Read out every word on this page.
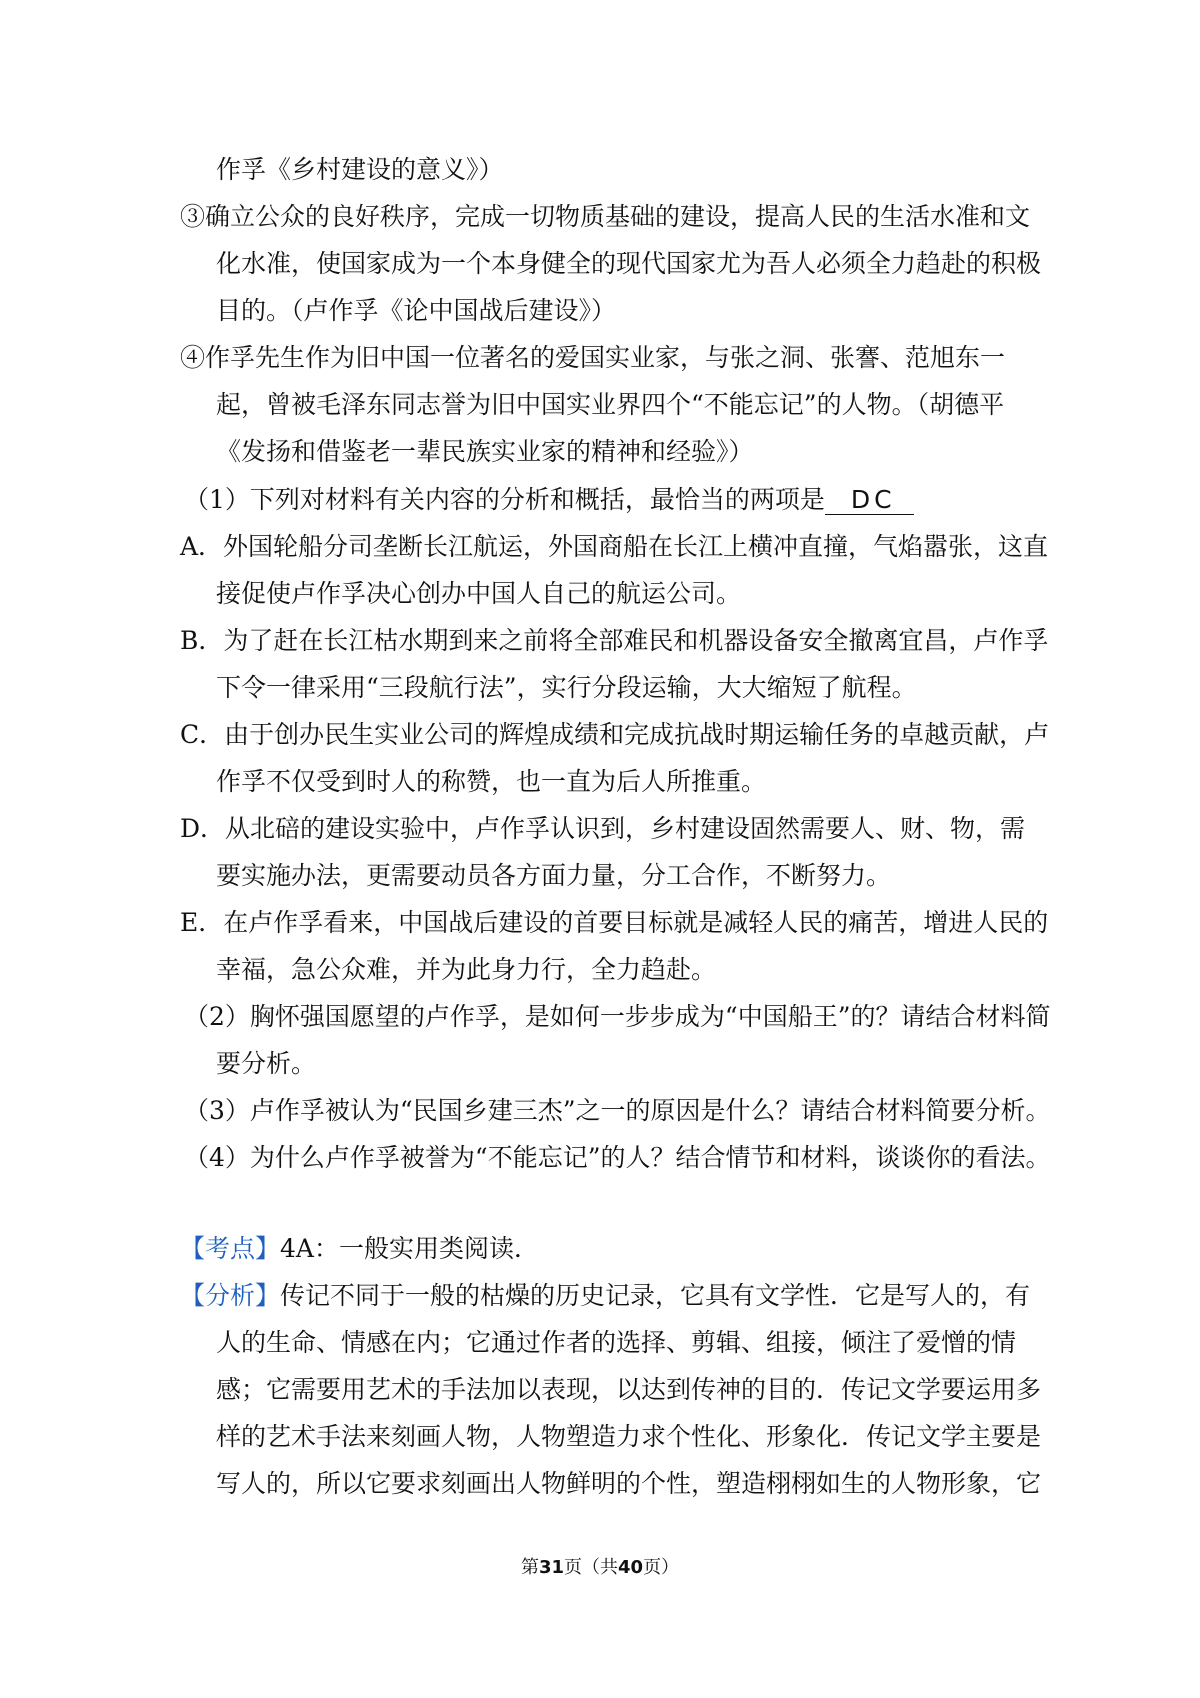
作孚《乡村建设的意义》）
③确立公众的良好秩序，完成一切物质基础的建设，提高人民的生活水准和文
化水准，使国家成为一个本身健全的现代国家尤为吾人必须全力趋赴的积极
目的。（卢作孚《论中国战后建设》）
④作孚先生作为旧中国一位著名的爱国实业家，与张之洞、张謇、范旭东一
起，曾被毛泽东同志誉为旧中国实业界四个“不能忘记”的人物。（胡德平
《发扬和借鉴老一辈民族实业家的精神和经验》）
（1）下列对材料有关内容的分析和概括，最恰当的两项是 DC
A．外国轮船分司垄断长江航运，外国商船在长江上横冲直撞，气焰嚣张，这直
接促使卢作孚决心创办中国人自己的航运公司。
B．为了赶在长江枯水期到来之前将全部难民和机器设备安全撤离宜昌，卢作孚
下令一律采用“三段航行法”，实行分段运输，大大缩短了航程。
C．由于创办民生实业公司的辉煌成绩和完成抗战时期运输任务的卓越贡献，卢
作孚不仅受到时人的称赞，也一直为后人所推重。
D．从北碚的建设实验中，卢作孚认识到，乡村建设固然需要人、财、物，需
要实施办法，更需要动员各方面力量，分工合作，不断努力。
E．在卢作孚看来，中国战后建设的首要目标就是减轻人民的痛苦，增进人民的
幸福，急公众难，并为此身力行，全力趋赴。
（2）胸怀强国愿望的卢作孚，是如何一步步成为“中国船王”的？请结合材料简
要分析。
（3）卢作孚被认为“民国乡建三杰”之一的原因是什么？请结合材料简要分析。
（4）为什么卢作孚被誉为“不能忘记”的人？结合情节和材料，谈谈你的看法。
【考点】4A：一般实用类阅读．
【分析】传记不同于一般的枯燥的历史记录，它具有文学性．它是写人的，有
人的生命、情感在内；它通过作者的选择、剪辑、组接，倾注了爱憎的情
感；它需要用艺术的手法加以表现，以达到传神的目的．传记文学要运用多
样的艺术手法来刻画人物，人物塑造力求个性化、形象化．传记文学主要是
写人的，所以它要求刻画出人物鲜明的个性，塑造栩栩如生的人物形象，它
第31页（共40页）
